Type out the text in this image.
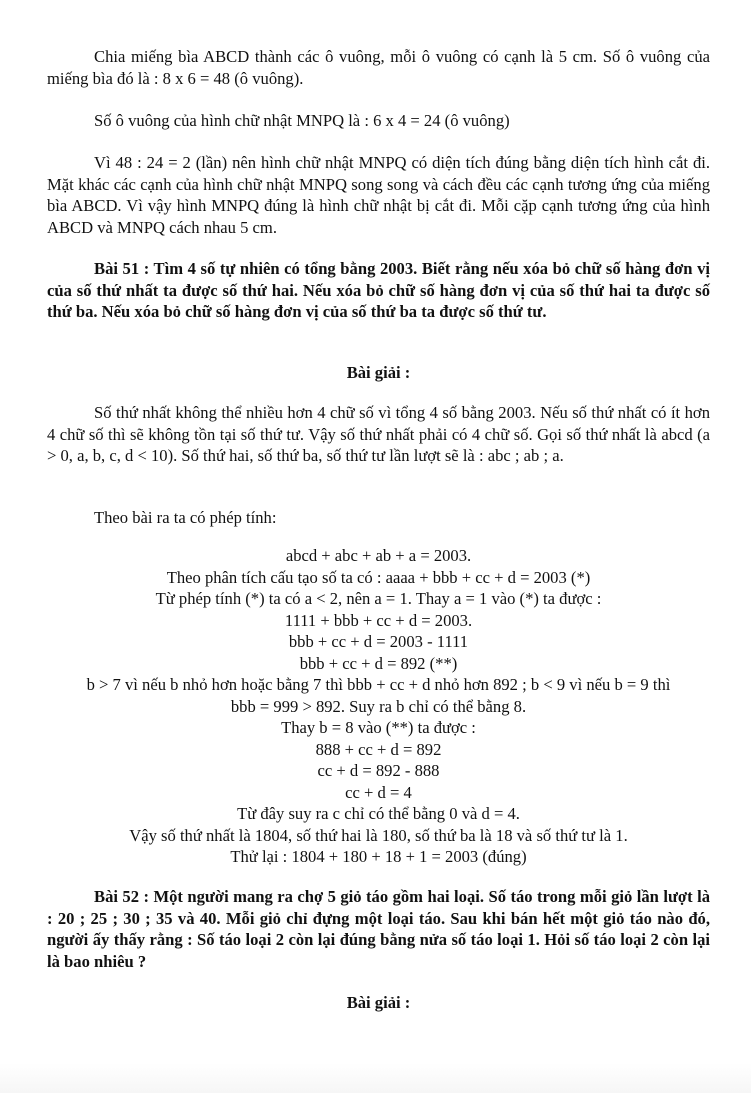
Chia miếng bìa ABCD thành các ô vuông, mỗi ô vuông có cạnh là 5 cm. Số ô vuông của miếng bìa đó là : 8 x 6 = 48 (ô vuông).

Số ô vuông của hình chữ nhật MNPQ là : 6 x 4 = 24 (ô vuông)

Vì 48 : 24 = 2 (lần) nên hình chữ nhật MNPQ có diện tích đúng bằng diện tích hình cắt đi. Mặt khác các cạnh của hình chữ nhật MNPQ song song và cách đều các cạnh tương ứng của miếng bìa ABCD. Vì vậy hình MNPQ đúng là hình chữ nhật bị cắt đi. Mỗi cặp cạnh tương ứng của hình ABCD và MNPQ cách nhau 5 cm.

Bài 51 : Tìm 4 số tự nhiên có tổng bằng 2003. Biết rằng nếu xóa bỏ chữ số hàng đơn vị của số thứ nhất ta được số thứ hai. Nếu xóa bỏ chữ số hàng đơn vị của số thứ hai ta được số thứ ba. Nếu xóa bỏ chữ số hàng đơn vị của số thứ ba ta được số thứ tư.

Bài giải :

Số thứ nhất không thể nhiều hơn 4 chữ số vì tổng 4 số bằng 2003. Nếu số thứ nhất có ít hơn 4 chữ số thì sẽ không tồn tại số thứ tư. Vậy số thứ nhất phải có 4 chữ số. Gọi số thứ nhất là abcd (a > 0, a, b, c, d < 10). Số thứ hai, số thứ ba, số thứ tư lần lượt sẽ là : abc ; ab ; a.

Theo bài ra ta có phép tính:

abcd + abc + ab + a = 2003.

Theo phân tích cấu tạo số ta có : aaaa + bbb + cc + d = 2003 (*)

Từ phép tính (*) ta có a < 2, nên a = 1. Thay a = 1 vào (*) ta được :

1111 + bbb + cc + d = 2003.

bbb + cc + d = 2003 - 1111

bbb + cc + d = 892 (**)

b > 7 vì nếu b nhỏ hơn hoặc bằng 7 thì bbb + cc + d nhỏ hơn 892 ; b < 9 vì nếu b = 9 thì

bbb = 999 > 892. Suy ra b chỉ có thể bằng 8.

Thay b = 8 vào (**) ta được :

888 + cc + d = 892

cc + d = 892 - 888

cc + d = 4

Từ đây suy ra c chỉ có thể bằng 0 và d = 4.

Vậy số thứ nhất là 1804, số thứ hai là 180, số thứ ba là 18 và số thứ tư là 1.

Thử lại : 1804 + 180 + 18 + 1 = 2003 (đúng)

Bài 52 : Một người mang ra chợ 5 giỏ táo gồm hai loại. Số táo trong mỗi giỏ lần lượt là : 20 ; 25 ; 30 ; 35 và 40. Mỗi giỏ chỉ đựng một loại táo. Sau khi bán hết một giỏ táo nào đó, người ấy thấy rằng : Số táo loại 2 còn lại đúng bằng nửa số táo loại 1. Hỏi số táo loại 2 còn lại là bao nhiêu ?

Bài giải :
